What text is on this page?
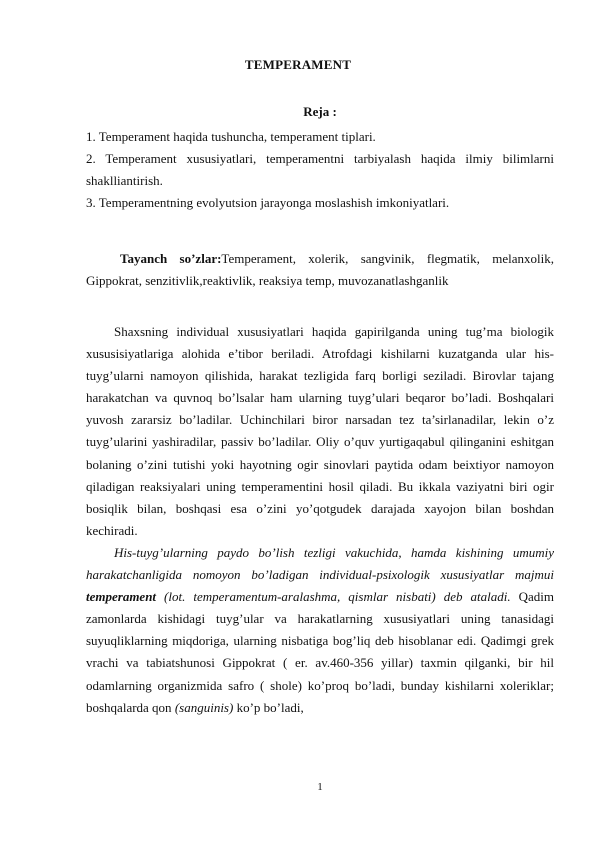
TEMPERAMENT
Reja :

1. Temperament haqida tushuncha, temperament tiplari.

2. Temperament xususiyatlari, temperamentni tarbiyalash haqida ilmiy bilimlarni shaklliantirish.

3. Temperamentning evolyutsion jarayonga moslashish imkoniyatlari.

Tayanch so’zlar:Temperament, xolerik, sangvinik, flegmatik, melanxolik, Gippokrat, senzitivlik,reaktivlik, reaksiya temp, muvozanatlashganlik

Shaxsning individual xususiyatlari haqida gapirilganda uning tug’ma biologik xususisiyatlariga alohida e’tibor beriladi. Atrofdagi kishilarni kuzatganda ular his- tuyg’ularni namoyon qilishida, harakat tezligida farq borligi seziladi. Birovlar tajang harakatchan va quvnoq bo’lsalar ham ularning tuyg’ulari beqaror bo’ladi. Boshqalari yuvosh zararsiz bo’ladilar. Uchinchilari biror narsadan tez ta’sirlanadilar, lekin o’z tuyg’ularini yashiradilar, passiv bo’ladilar. Oliy o’quv yurtigaqabul qilinganini eshitgan bolaning o’zini tutishi yoki hayotning ogir sinovlari paytida odam beixtiyor namoyon qiladigan reaksiyalari uning temperamentini hosil qiladi. Bu ikkala vaziyatni biri ogir bosiqlik bilan, boshqasi esa o’zini yo’qotgudek darajada xayojon bilan boshdan kechiradi.

His-tuyg’ularning paydo bo’lish tezligi vakuchida, hamda kishining umumiy harakatchanligida nomoyon bo’ladigan individual-psixologik xususiyatlar majmui temperament (lot. temperamentum-aralashma, qismlar nisbati) deb ataladi. Qadim zamonlarda kishidagi tuyg’ular va harakatlarning xususiyatlari uning tanasidagi suyuqliklarning miqdoriga, ularning nisbatiga bog’liq deb hisoblanar edi. Qadimgi grek vrachi va tabiatshunosi Gippokrat ( er. av.460-356 yillar) taxmin qilganki, bir hil odamlarning organizmida safro ( shole) ko’proq bo’ladi, bunday kishilarni xoleriklar; boshqalarda qon (sanguinis) ko’p bo’ladi,

1
